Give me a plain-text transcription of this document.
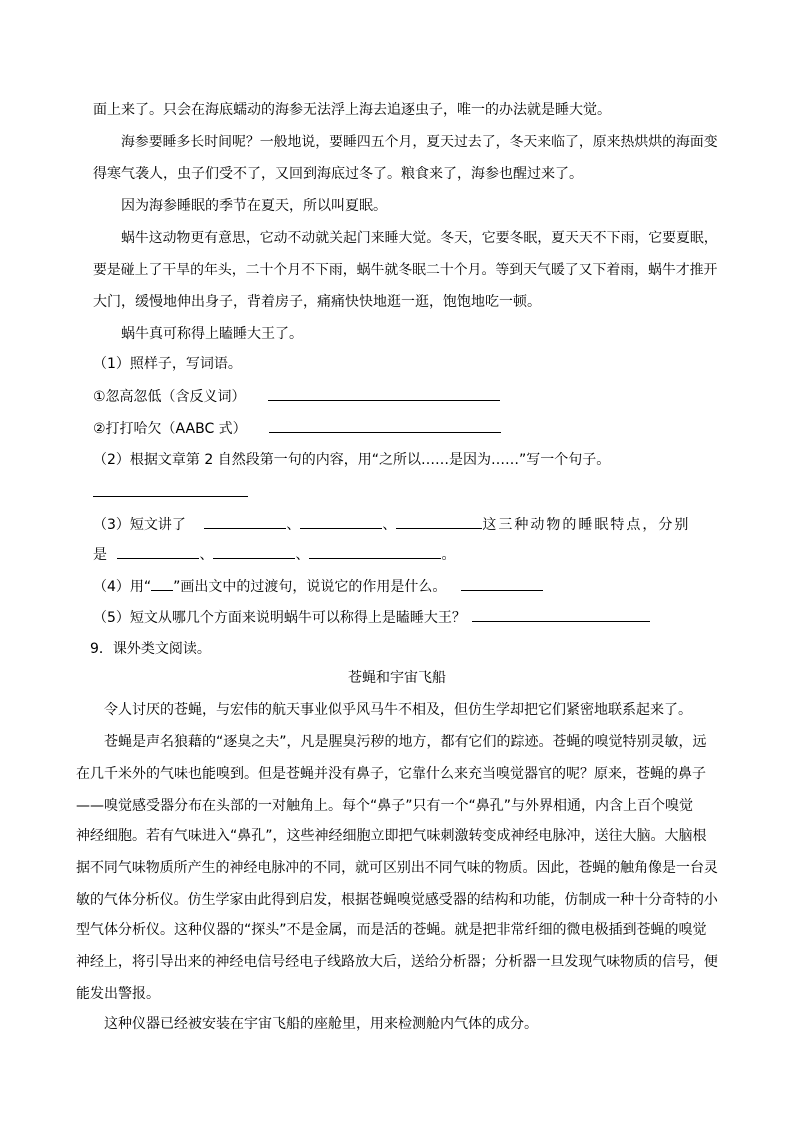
面上来了。只会在海底蠕动的海参无法浮上海去追逐虫子，唯一的办法就是睡大觉。
海参要睡多长时间呢？一般地说，要睡四五个月，夏天过去了，冬天来临了，原来热烘烘的海面变
得寒气袭人，虫子们受不了，又回到海底过冬了。粮食来了，海参也醒过来了。
因为海参睡眠的季节在夏天，所以叫夏眠。
蜗牛这动物更有意思，它动不动就关起门来睡大觉。冬天，它要冬眠，夏天天不下雨，它要夏眠，
要是碰上了干旱的年头，二十个月不下雨，蜗牛就冬眠二十个月。等到天气暖了又下着雨，蜗牛才推开
大门，缓慢地伸出身子，背着房子，痛痛快快地逛一逛，饱饱地吃一顿。
蜗牛真可称得上瞌睡大王了。
（1）照样子，写词语。
①忽高忽低（含反义词）
②打打哈欠（AABC 式）
（2）根据文章第 2 自然段第一句的内容，用“之所以……是因为……”写一个句子。
（3）短文讲了	、	、	这三种动物的睡眠特点，分别
是	、	、	。
（4）用“ ”画出文中的过渡句，说说它的作用是什么。
（5）短文从哪几个方面来说明蜗牛可以称得上是瞌睡大王？
9．课外类文阅读。
苍蝇和宇宙飞船
令人讨厌的苍蝇，与宏伟的航天事业似乎风马牛不相及，但仿生学却把它们紧密地联系起来了。
苍蝇是声名狼藉的“逐臭之夫”，凡是腥臭污秽的地方，都有它们的踪迹。苍蝇的嗅觉特别灵敏，远
在几千米外的气味也能嗅到。但是苍蝇并没有鼻子，它靠什么来充当嗅觉器官的呢？原来，苍蝇的鼻子
——嗅觉感受器分布在头部的一对触角上。每个“鼻子”只有一个“鼻孔”与外界相通，内含上百个嗅觉
神经细胞。若有气味进入“鼻孔”，这些神经细胞立即把气味刺激转变成神经电脉冲，送往大脑。大脑根
据不同气味物质所产生的神经电脉冲的不同，就可区别出不同气味的物质。因此，苍蝇的触角像是一台灵
敏的气体分析仪。仿生学家由此得到启发，根据苍蝇嗅觉感受器的结构和功能，仿制成一种十分奇特的小
型气体分析仪。这种仪器的“探头”不是金属，而是活的苍蝇。就是把非常纤细的微电极插到苍蝇的嗅觉
神经上，将引导出来的神经电信号经电子线路放大后，送给分析器；分析器一旦发现气味物质的信号，便
能发出警报。
这种仪器已经被安装在宇宙飞船的座舱里，用来检测舱内气体的成分。
